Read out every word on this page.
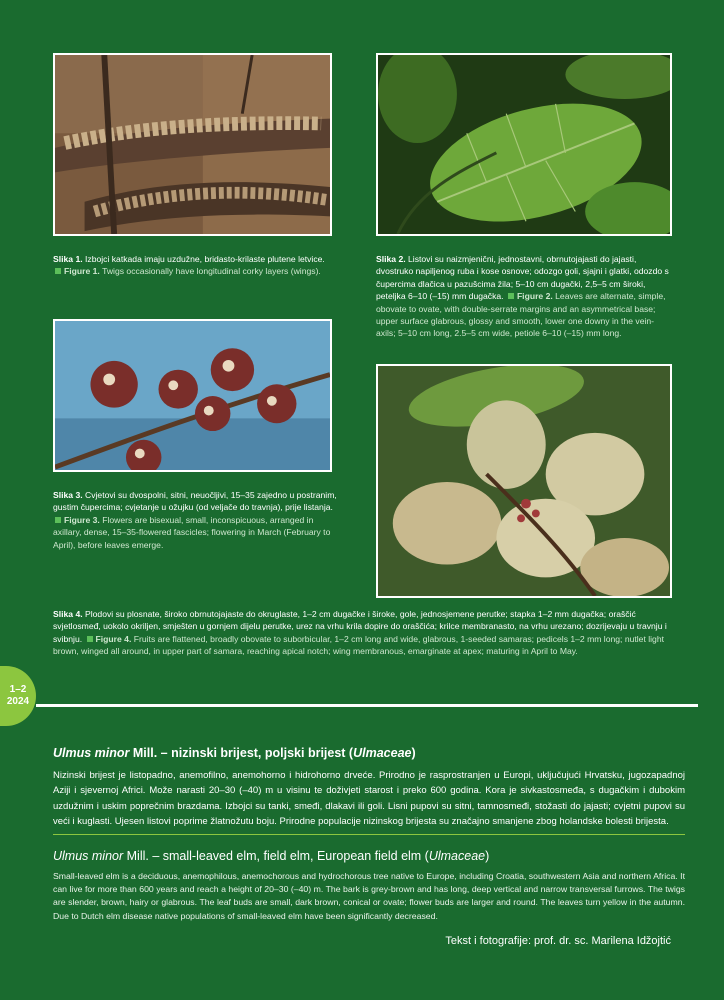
Slika 1. Izbojci katkada imaju uzdužne, bridasto-krilaste plutene letvice. Figure 1. Twigs occasionally have longitudinal corky layers (wings).
Slika 2. Listovi su naizmjenični, jednostavni, obrnutojajasti do jajasti, dvostruko napiljenog ruba i kose osnove; odozgo goli, sjajni i glatki, odozdo s čupercima dlačica u pazušcima žila; 5–10 cm dugački, 2,5–5 cm široki, peteljka 6–10 (–15) mm dugačka. Figure 2. Leaves are alternate, simple, obovate to ovate, with double-serrate margins and an asymmetrical base; upper surface glabrous, glossy and smooth, lower one downy in the vein-axils; 5–10 cm long, 2.5–5 cm wide, petiole 6–10 (–15) mm long.
Slika 3. Cvjetovi su dvospolni, sitni, neuočljivi, 15–35 zajedno u postranim, gustim čupercima; cvjetanje u ožujku (od veljače do travnja), prije listanja. Figure 3. Flowers are bisexual, small, inconspicuous, arranged in axillary, dense, 15–35-flowered fascicles; flowering in March (February to April), before leaves emerge.
Slika 4. Plodovi su plosnate, široko obrnutojajaste do okruglaste, 1–2 cm dugačke i široke, gole, jednosjemene perutke; stapka 1–2 mm dugačka; oraščić svjetlosmeđ, uokolo okriljen, smješten u gornjem dijelu perutke, urez na vrhu krila dopire do oraščića; krilce membranasto, na vrhu urezano; dozrijevaju u travnju i svibnju. Figure 4. Fruits are flattened, broadly obovate to suborbicular, 1–2 cm long and wide, glabrous, 1-seeded samaras; pedicels 1–2 mm long; nutlet light brown, winged all around, in upper part of samara, reaching apical notch; wing membranous, emarginate at apex; maturing in April to May.
1–2
2024
Ulmus minor Mill. – nizinski brijest, poljski brijest (Ulmaceae)
Nizinski brijest je listopadno, anemofilno, anemohorno i hidrohorno drveće. Prirodno je rasprostranjen u Europi, uključujući Hrvatsku, jugozapadnoj Aziji i sjevernoj Africi. Može narasti 20–30 (–40) m u visinu te doživjeti starost i preko 600 godina. Kora je sivkastosmeđa, s dugačkim i dubokim uzdužnim i uskim poprečnim brazdama. Izbojci su tanki, smeđi, dlakavi ili goli. Lisni pupovi su sitni, tamnosmeđi, stožasti do jajasti; cvjetni pupovi su veći i kuglasti. Ujesen listovi poprime žlatnožutu boju. Prirodne populacije nizinskog brijesta su značajno smanjene zbog holandske bolesti brijesta.
Ulmus minor Mill. – small-leaved elm, field elm, European field elm (Ulmaceae)
Small-leaved elm is a deciduous, anemophilous, anemochorous and hydrochorous tree native to Europe, including Croatia, southwestern Asia and northern Africa. It can live for more than 600 years and reach a height of 20–30 (–40) m. The bark is grey-brown and has long, deep vertical and narrow transversal furrows. The twigs are slender, brown, hairy or glabrous. The leaf buds are small, dark brown, conical or ovate; flower buds are larger and round. The leaves turn yellow in the autumn. Due to Dutch elm disease native populations of small-leaved elm have been significantly decreased.
Tekst i fotografije: prof. dr. sc. Marilena Idžojtić
